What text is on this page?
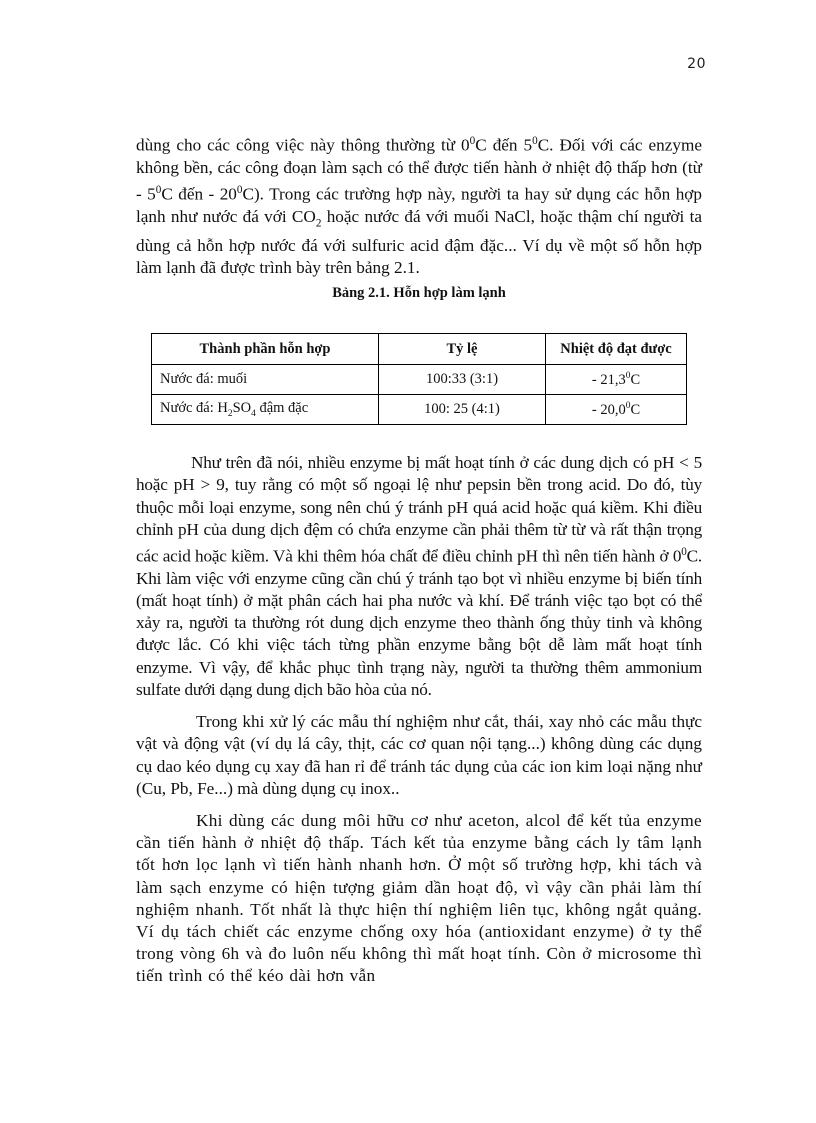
20

dùng cho các công việc này thông thường từ $0^0C$ đến $5^0C$. Đối với các enzyme không bền, các công đoạn làm sạch có thể được tiến hành ở nhiệt độ thấp hơn (từ - $5^0C$ đến - $20^0C$). Trong các trường hợp này, người ta hay sử dụng các hỗn hợp lạnh như nước đá với $CO_2$ hoặc nước đá với muối NaCl, hoặc thậm chí người ta dùng cả hỗn hợp nước đá với sulfuric acid đậm đặc... Ví dụ về một số hỗn hợp làm lạnh đã được trình bày trên bảng 2.1.

Bảng 2.1. Hỗn hợp làm lạnh
Thành phần hỗn hợp	Tỷ lệ	Nhiệt độ đạt được
Nước đá: muối	100:33 (3:1)	- 21,3$^0$C
Nước đá: $H_2SO_4$ đậm đặc	100: 25 (4:1)	- 20,0$^0$C

Như trên đã nói, nhiều enzyme bị mất hoạt tính ở các dung dịch có pH < 5 hoặc pH > 9, tuy rằng có một số ngoại lệ như pepsin bền trong acid. Do đó, tùy thuộc mỗi loại enzyme, song nên chú ý tránh pH quá acid hoặc quá kiềm. Khi điều chỉnh pH của dung dịch đệm có chứa enzyme cần phải thêm từ từ và rất thận trọng các acid hoặc kiềm. Và khi thêm hóa chất để điều chỉnh pH thì nên tiến hành ở $0^0C$. Khi làm việc với enzyme cũng cần chú ý tránh tạo bọt vì nhiều enzyme bị biến tính (mất hoạt tính) ở mặt phân cách hai pha nước và khí. Để tránh việc tạo bọt có thể xảy ra, người ta thường rót dung dịch enzyme theo thành ống thủy tinh và không được lắc. Có khi việc tách từng phần enzyme bằng bột dễ làm mất hoạt tính enzyme. Vì vậy, để khắc phục tình trạng này, người ta thường thêm ammonium sulfate dưới dạng dung dịch bão hòa của nó.

Trong khi xử lý các mẫu thí nghiệm như cắt, thái, xay nhỏ các mẫu thực vật và động vật (ví dụ lá cây, thịt, các cơ quan nội tạng...) không dùng các dụng cụ dao kéo dụng cụ xay đã han rỉ để tránh tác dụng của các ion kim loại nặng như (Cu, Pb, Fe...) mà dùng dụng cụ inox..

Khi dùng các dung môi hữu cơ như aceton, alcol để kết tủa enzyme cần tiến hành ở nhiệt độ thấp. Tách kết tủa enzyme bằng cách ly tâm lạnh tốt hơn lọc lạnh vì tiến hành nhanh hơn. Ở một số trường hợp, khi tách và làm sạch enzyme có hiện tượng giảm dần hoạt độ, vì vậy cần phải làm thí nghiệm nhanh. Tốt nhất là thực hiện thí nghiệm liên tục, không ngắt quảng. Ví dụ tách chiết các enzyme chống oxy hóa (antioxidant enzyme) ở ty thể trong vòng 6h và đo luôn nếu không thì mất hoạt tính. Còn ở microsome thì tiến trình có thể kéo dài hơn vẫn
